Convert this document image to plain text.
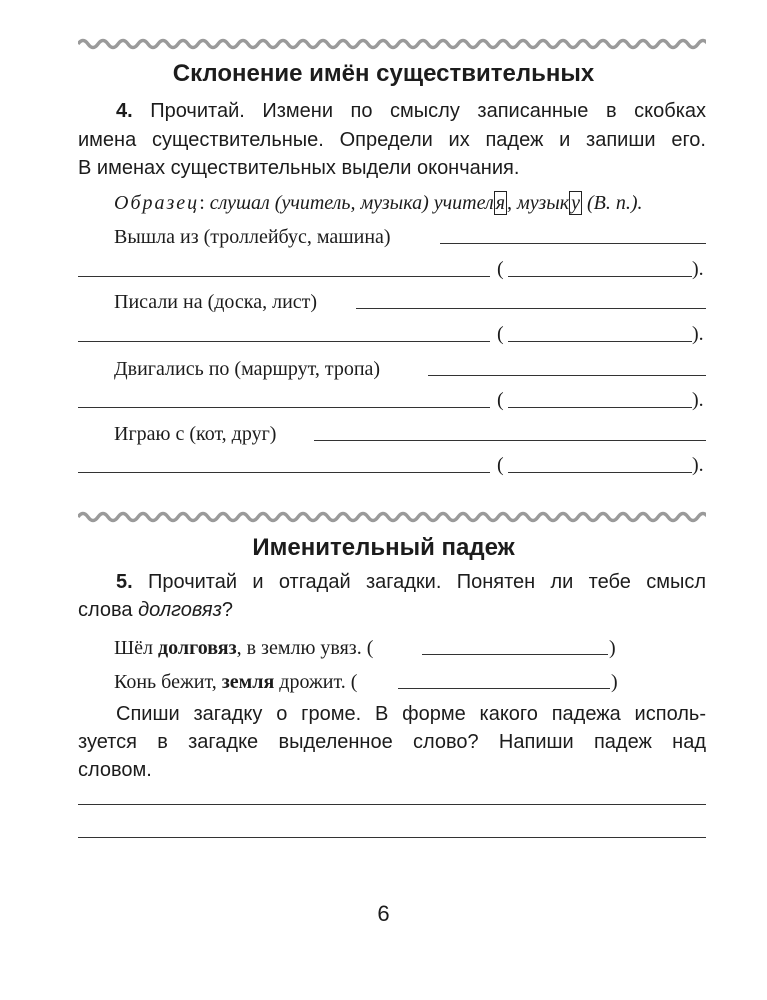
Склонение имён существительных
4. Прочитай. Измени по смыслу записанные в скобках
имена существительные. Определи их падеж и запиши его.
В именах существительных выдели окончания.
Образец: слушал (учитель, музыка) учител я , музык у (В. п.).
Вышла из (троллейбус, машина)
(	).
Писали на (доска, лист)
(	).
Двигались по (маршрут, тропа)
(	).
Играю с (кот, друг)
(	).
Именительный падеж
5. Прочитай и отгадай загадки. Понятен ли тебе смысл
слова долговяз?
Шёл долговяз, в землю увяз. (	)
Конь бежит, земля дрожит. (	)
Спиши загадку о громе. В форме какого падежа исполь-
зуется в загадке выделенное слово? Напиши падеж над
словом.
6
